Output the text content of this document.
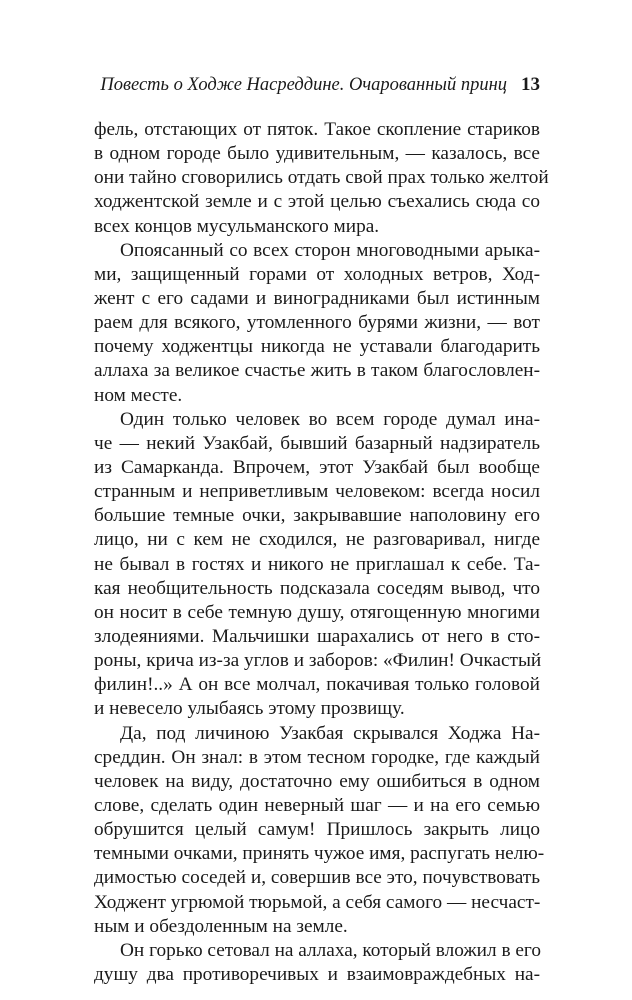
Повесть о Ходже Насреддине. Очарованный принц 13
фель, отстающих от пяток. Такое скопление стариков
в одном городе было удивительным, — казалось, все
они тайно сговорились отдать свой прах только желтой
ходжентской земле и с этой целью съехались сюда со
всех концов мусульманского мира.
Опоясанный со всех сторон многоводными арыка-
ми, защищенный горами от холодных ветров, Ход-
жент с его садами и виноградниками был истинным
раем для всякого, утомленного бурями жизни, — вот
почему ходжентцы никогда не уставали благодарить
аллаха за великое счастье жить в таком благословлен-
ном месте.
Один только человек во всем городе думал ина-
че — некий Узакбай, бывший базарный надзиратель
из Самарканда. Впрочем, этот Узакбай был вообще
странным и неприветливым человеком: всегда носил
большие темные очки, закрывавшие наполовину его
лицо, ни с кем не сходился, не разговаривал, нигде
не бывал в гостях и никого не приглашал к себе. Та-
кая необщительность подсказала соседям вывод, что
он носит в себе темную душу, отягощенную многими
злодеяниями. Мальчишки шарахались от него в сто-
роны, крича из-за углов и заборов: «Филин! Очкастый
филин!..» А он все молчал, покачивая только головой
и невесело улыбаясь этому прозвищу.
Да, под личиною Узакбая скрывался Ходжа На-
среддин. Он знал: в этом тесном городке, где каждый
человек на виду, достаточно ему ошибиться в одном
слове, сделать один неверный шаг — и на его семью
обрушится целый самум! Пришлось закрыть лицо
темными очками, принять чужое имя, распугать нелю-
димостью соседей и, совершив все это, почувствовать
Ходжент угрюмой тюрьмой, а себя самого — несчаст-
ным и обездоленным на земле.
Он горько сетовал на аллаха, который вложил в его
душу два противоречивых и взаимовраждебных на-
